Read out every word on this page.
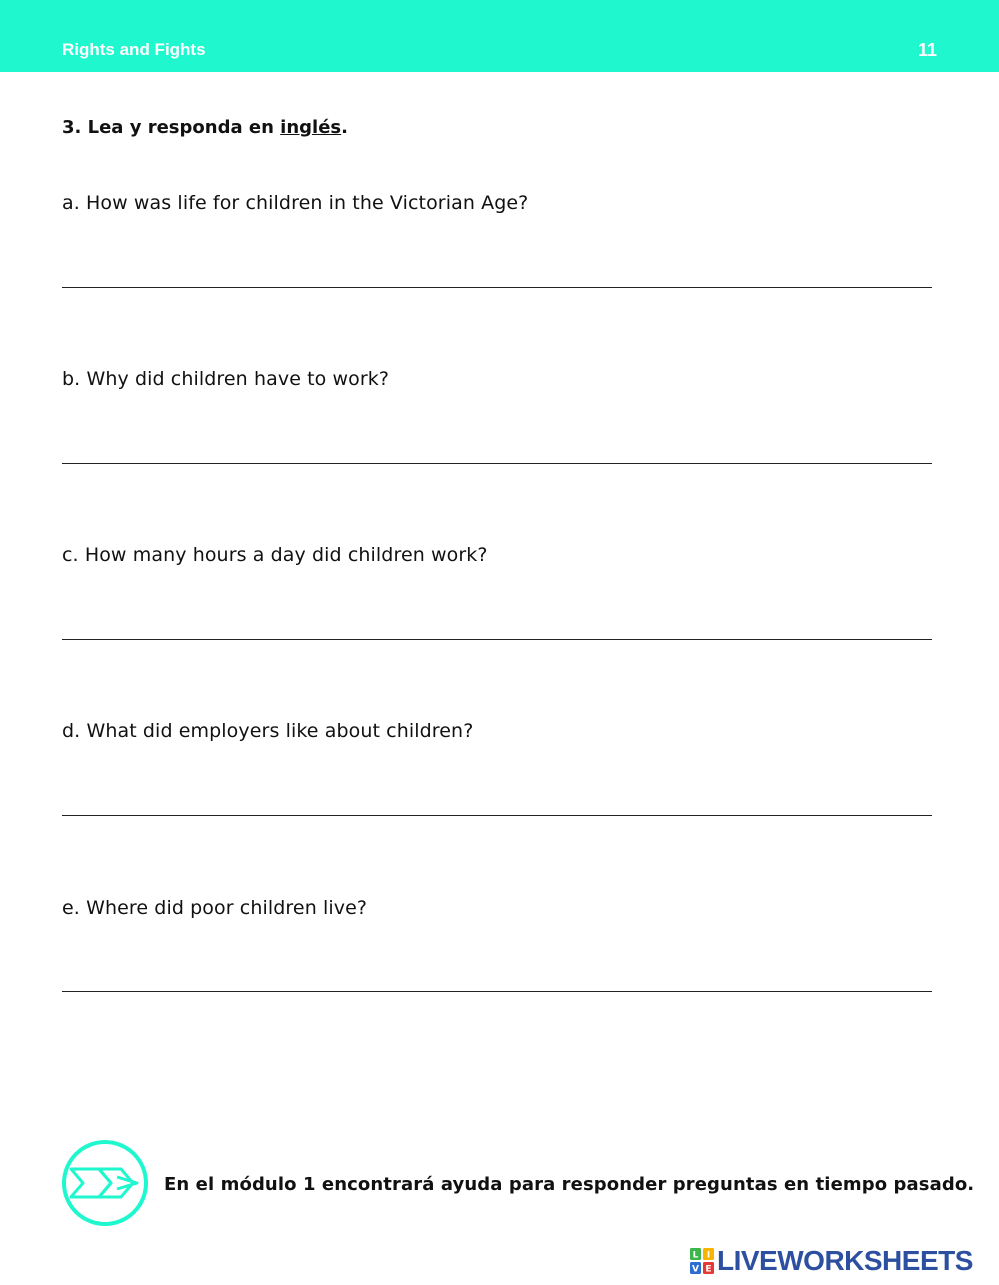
Rights and Fights	11
3. Lea y responda en inglés.
a. How was life for children in the Victorian Age?
b. Why did children have to work?
c. How many hours a day did children work?
d. What did employers like about children?
e. Where did poor children live?
En el módulo 1 encontrará ayuda para responder preguntas en tiempo pasado.
L I
V E LIVEWORKSHEETS
